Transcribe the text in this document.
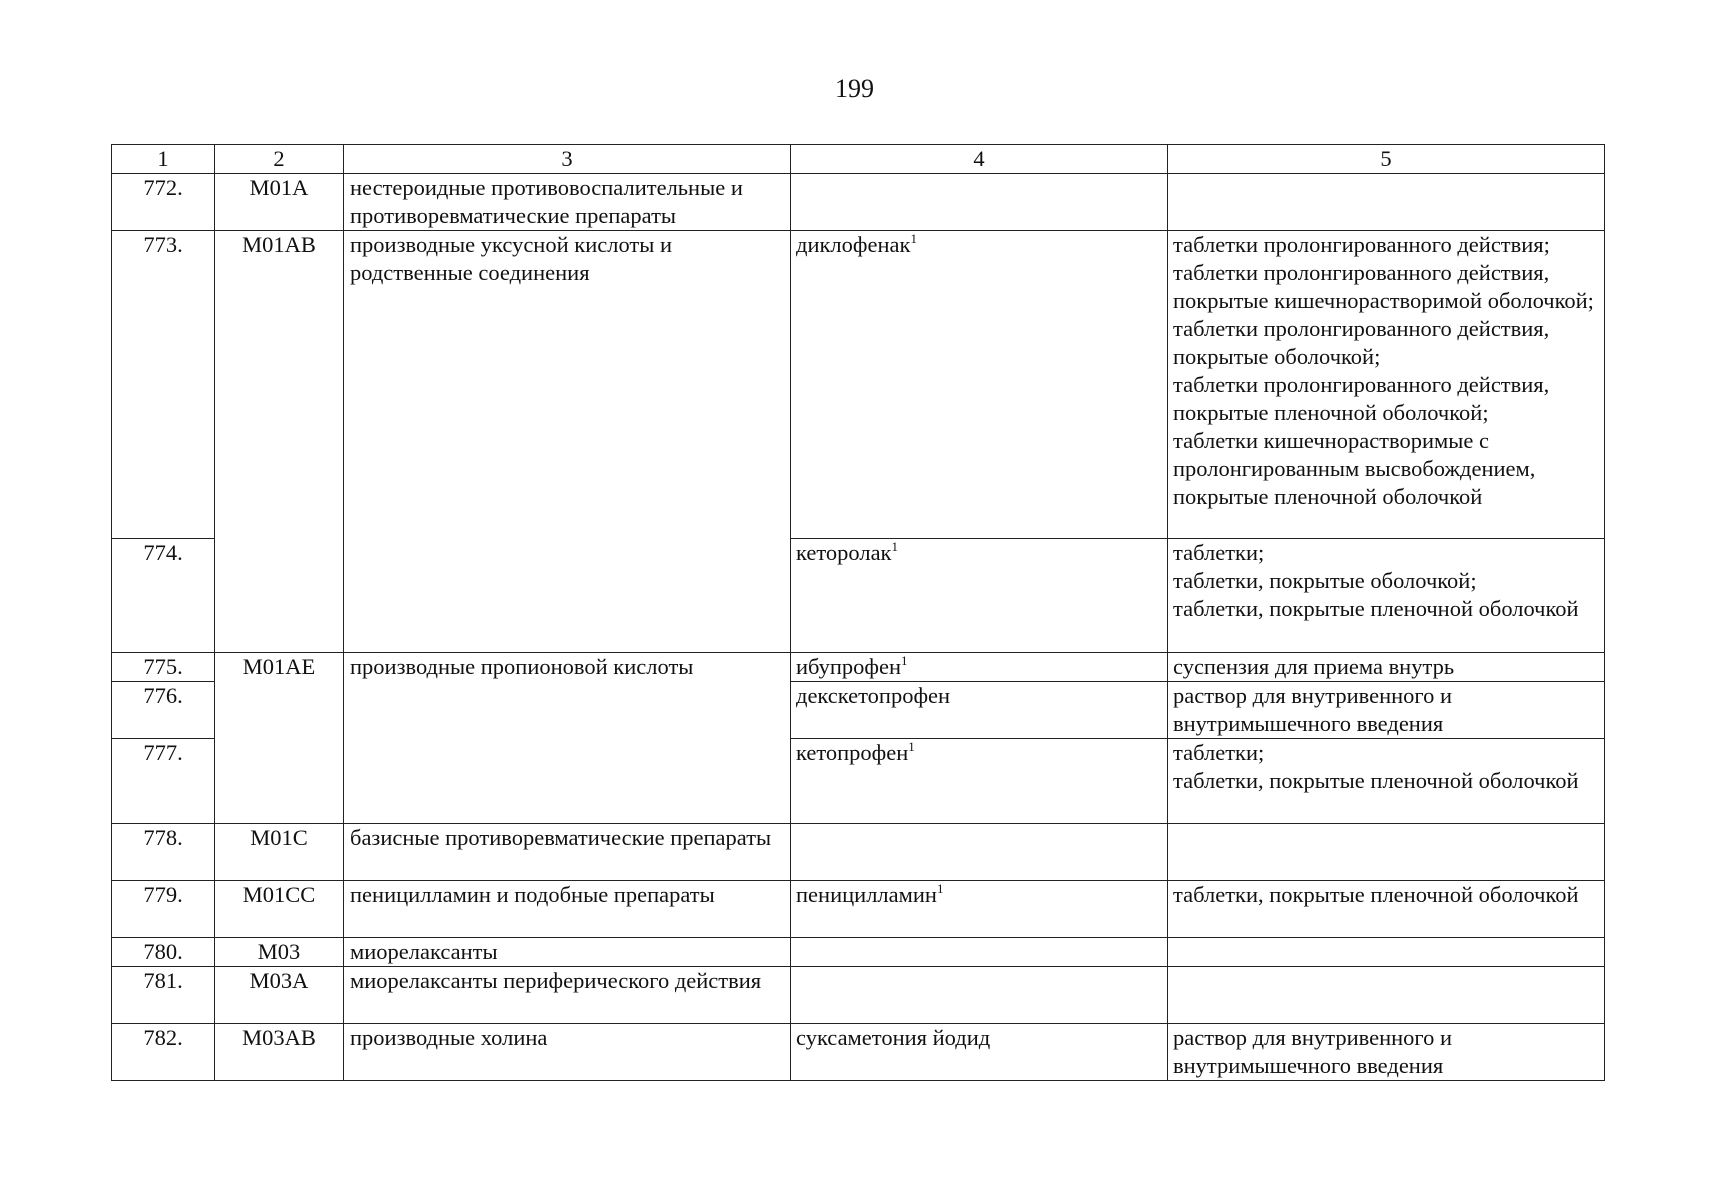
199
1	2	3	4	5
772.	M01A	нестероидные противовоспалительные и противоревматические препараты		
773.	M01AB	производные уксусной кислоты и родственные соединения	диклофенак$^1$	таблетки пролонгированного действия;
таблетки пролонгированного действия, покрытые кишечнорастворимой оболочкой;
таблетки пролонгированного действия, покрытые оболочкой;
таблетки пролонгированного действия, покрытые пленочной оболочкой;
таблетки кишечнорастворимые с пролонгированным высвобождением, покрытые пленочной оболочкой

774.			кеторолак$^1$	таблетки;
таблетки, покрытые оболочкой;
таблетки, покрытые пленочной оболочкой

775.	M01AE	производные пропионовой кислоты	ибупрофен$^1$	суспензия для приема внутрь

776.			декскетопрофен	раствор для внутривенного и внутримышечного введения

777.			кетопрофен$^1$	таблетки;
таблетки, покрытые пленочной оболочкой

778.	M01C	базисные противоревматические препараты		
779.	M01CC	пеницилламин и подобные препараты	пеницилламин$^1$	таблетки, покрытые пленочной оболочкой

780.	M03	миорелаксанты		
781.	M03A	миорелаксанты периферического действия		
782.	M03AB	производные холина	суксаметония йодид	раствор для внутривенного и внутримышечного введения
